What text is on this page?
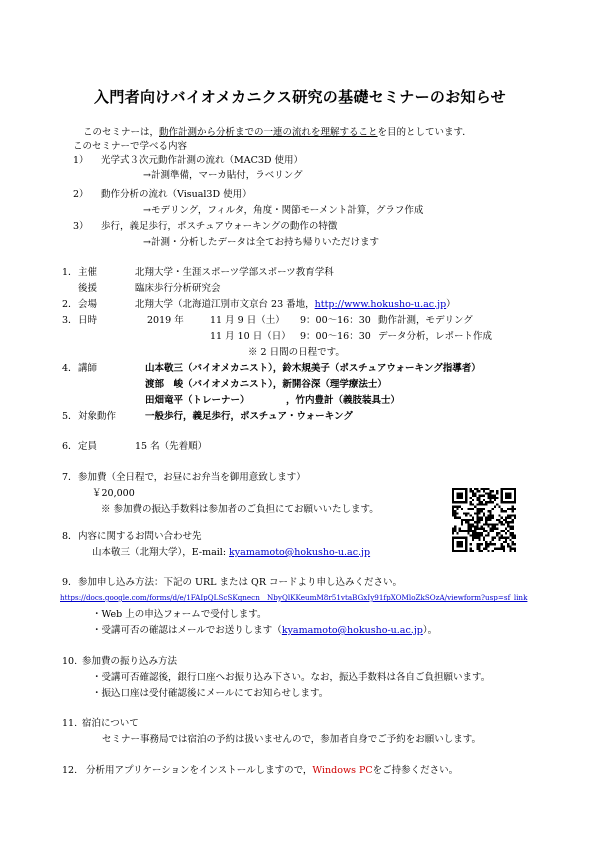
入門者向けバイオメカニクス研究の基礎セミナーのお知らせ
このセミナーは，動作計測から分析までの一連の流れを理解することを目的としています．
このセミナーで学べる内容
1） 光学式３次元動作計測の流れ（MAC3D 使用）
→計測準備，マーカ貼付，ラベリング
2） 動作分析の流れ（Visual3D 使用）
→モデリング，フィルタ，角度・関節モーメント計算，グラフ作成
3） 歩行，義足歩行，ポスチュアウォーキングの動作の特徴
→計測・分析したデータは全てお持ち帰りいただけます
1． 主催	北翔大学・生涯スポーツ学部スポーツ教育学科
後援	臨床歩行分析研究会
2． 会場	北翔大学（北海道江別市文京台 23 番地，http://www.hokusho-u.ac.jp）
3． 日時	2019 年	11 月 9 日（土） 9：00～16：30 動作計測，モデリング
11 月 10 日（日） 9：00～16：30 データ分析，レポート作成
※ 2 日間の日程です。
4． 講師	山本敬三（バイオメカニスト），鈴木規美子（ポスチュアウォーキング指導者）
渡部　峻（バイオメカニスト），新開谷深（理学療法士）
田畑竜平（トレーナー）	，竹内豊計（義肢装具士）
5． 対象動作	一般歩行，義足歩行，ポスチュア・ウォーキング
6． 定員	15 名（先着順）
7． 参加費（全日程で，お昼にお弁当を御用意致します）
￥20,000
※ 参加費の振込手数料は参加者のご負担にてお願いいたします。
8． 内容に関するお問い合わせ先
山本敬三（北翔大学），E-mail: kyamamoto@hokusho-u.ac.jp
9． 参加申し込み方法：下記の URL または QR コードより申し込みください。
https://docs.google.com/forms/d/e/1FAIpQLScSKqnecn__NbyQlKKeumM8r51vtaBGxIy91fpXOMloZkSOzA/viewform?usp=sf_link
・Web 上の申込フォームで受付します。
・受講可否の確認はメールでお送りします（kyamamoto@hokusho-u.ac.jp）。
10. 参加費の振り込み方法
・受講可否確認後，銀行口座へお振り込み下さい。なお，振込手数料は各自ご負担願います。
・振込口座は受付確認後にメールにてお知らせします。
11. 宿泊について
セミナー事務局では宿泊の予約は扱いませんので，参加者自身でご予約をお願いします。
12. 分析用アプリケーションをインストールしますので，Windows PCをご持参ください。
